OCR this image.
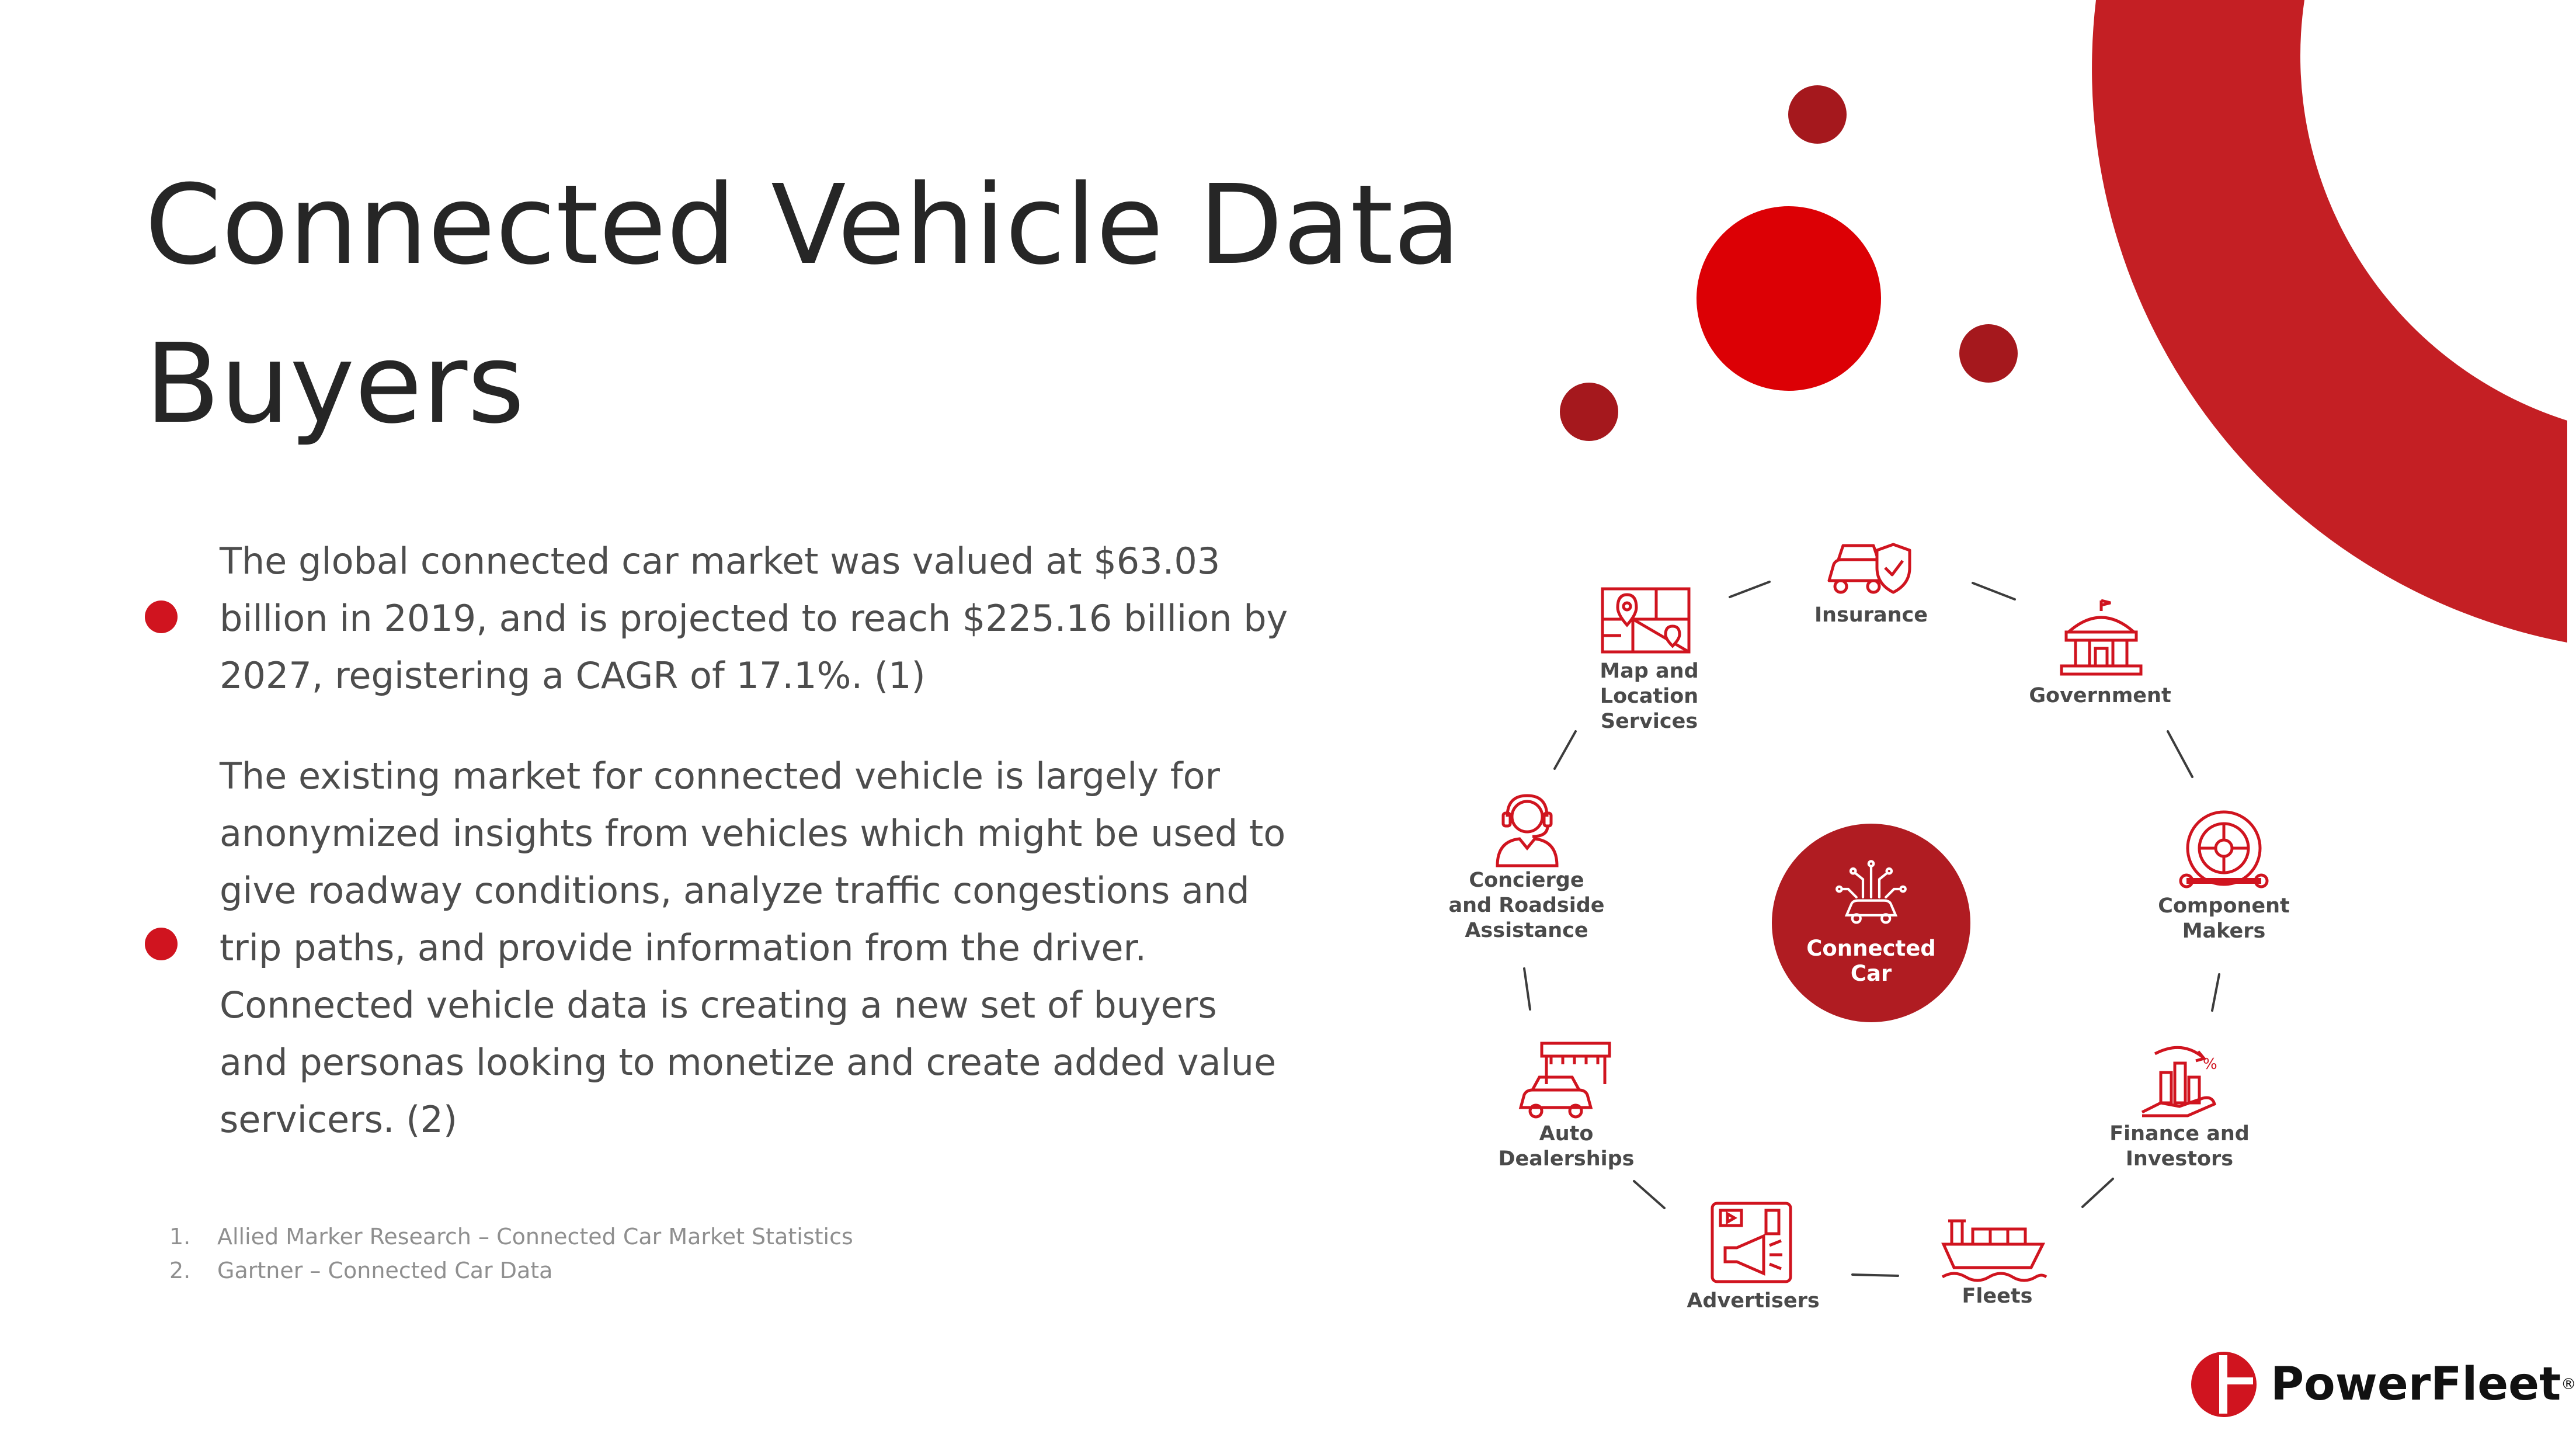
Connected Vehicle Data
Buyers
The global connected car market was valued at $63.03 billion in 2019, and is projected to reach $225.16 billion by 2027, registering a CAGR of 17.1%. (1)
The existing market for connected vehicle is largely for anonymized insights from vehicles which might be used to give roadway conditions, analyze traffic congestions and trip paths, and provide information from the driver. Connected vehicle data is creating a new set of buyers and personas looking to monetize and create added value servicers. (2)
1. Allied Marker Research – Connected Car Market Statistics
2. Gartner – Connected Car Data
Connected
Car
Insurance
Government
Component
Makers
%
Finance and
Investors
Fleets
Advertisers
Auto
Dealerships
Concierge
and Roadside
Assistance
Map and
Location
Services
PowerFleet®
